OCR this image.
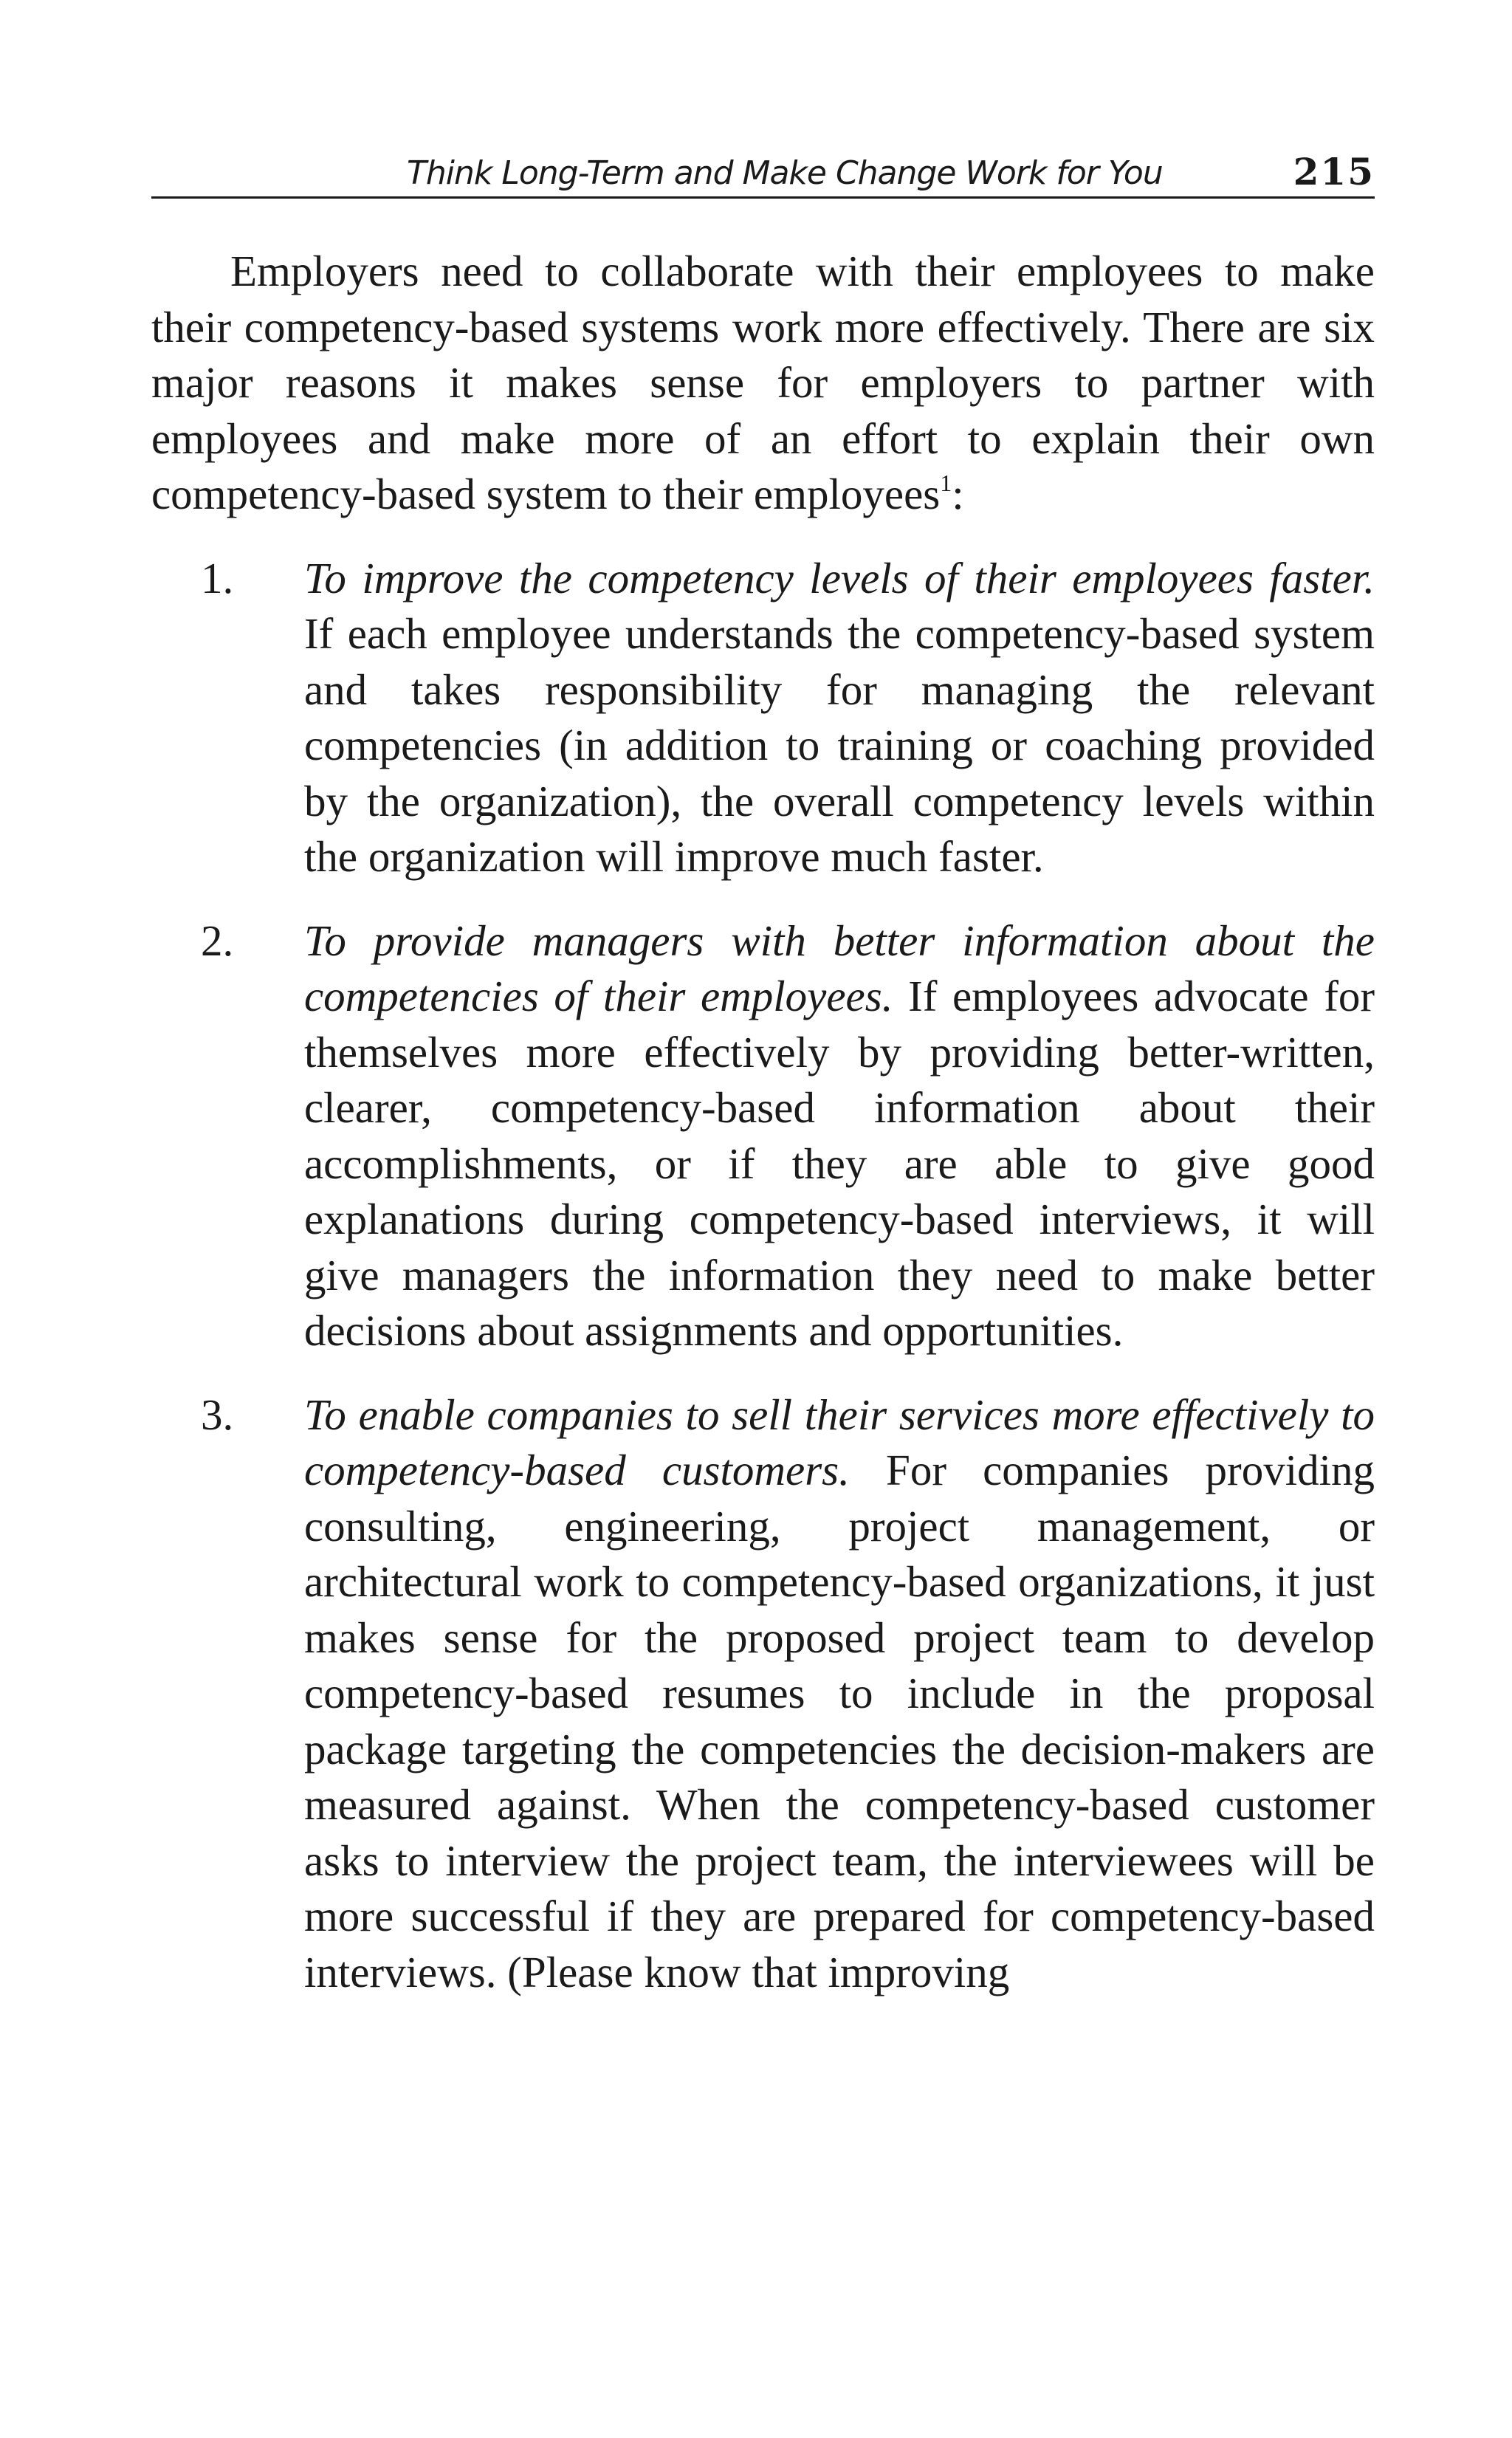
Think Long-Term and Make Change Work for You	215

Employers need to collaborate with their employees to make their competency-based systems work more effectively. There are six major reasons it makes sense for employers to partner with employees and make more of an effort to explain their own competency-based system to their employees$^1$:

1. To improve the competency levels of their employees faster. If each employee understands the competency-based system and takes responsibility for managing the relevant competencies (in addition to training or coaching provided by the organization), the overall competency levels within the organization will improve much faster.
2. To provide managers with better information about the competencies of their employees. If employees advocate for themselves more effectively by providing better-written, clearer, competency-based information about their accomplishments, or if they are able to give good explanations during competency-based interviews, it will give managers the information they need to make better decisions about assignments and opportunities.
3. To enable companies to sell their services more effectively to competency-based customers. For companies providing consulting, engineering, project management, or architectural work to competency-based organizations, it just makes sense for the proposed project team to develop competency-based resumes to include in the proposal package targeting the competencies the decision-makers are measured against. When the competency-based customer asks to interview the project team, the interviewees will be more successful if they are prepared for competency-based interviews. (Please know that improving
